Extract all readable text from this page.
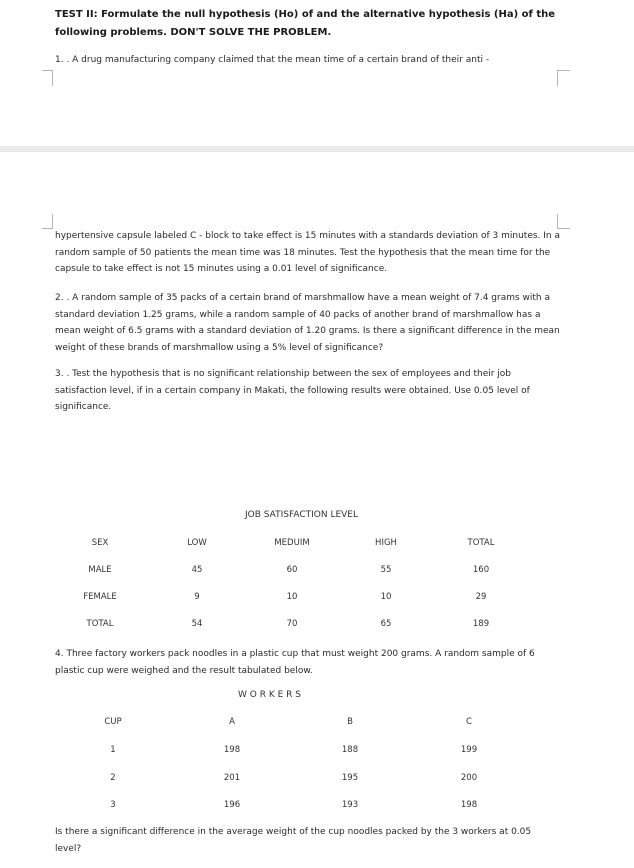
TEST II: Formulate the null hypothesis (Ho) of and the alternative hypothesis (Ha) of the
following problems. DON'T SOLVE THE PROBLEM.
1. . A drug manufacturing company claimed that the mean time of a certain brand of their anti -
hypertensive capsule labeled C - block to take effect is 15 minutes with a standards deviation of 3 minutes. In a random sample of 50 patients the mean time was 18 minutes. Test the hypothesis that the mean time for the capsule to take effect is not 15 minutes using a 0.01 level of significance.
2. . A random sample of 35 packs of a certain brand of marshmallow have a mean weight of 7.4 grams with a standard deviation 1.25 grams, while a random sample of 40 packs of another brand of marshmallow has a mean weight of 6.5 grams with a standard deviation of 1.20 grams. Is there a significant difference in the mean weight of these brands of marshmallow using a 5% level of significance?
3. . Test the hypothesis that is no significant relationship between the sex of employees and their job satisfaction level, if in a certain company in Makati, the following results were obtained. Use 0.05 level of significance.
JOB SATISFACTION LEVEL
SEX	LOW	MEDUIM	HIGH	TOTAL
MALE	45	60	55	160
FEMALE	9	10	10	29
TOTAL	54	70	65	189
4. Three factory workers pack noodles in a plastic cup that must weight 200 grams. A random sample of 6 plastic cup were weighed and the result tabulated below.
W O R K E R S
CUP	A	B	C
1	198	188	199
2	201	195	200
3	196	193	198
Is there a significant difference in the average weight of the cup noodles packed by the 3 workers at 0.05 level?
